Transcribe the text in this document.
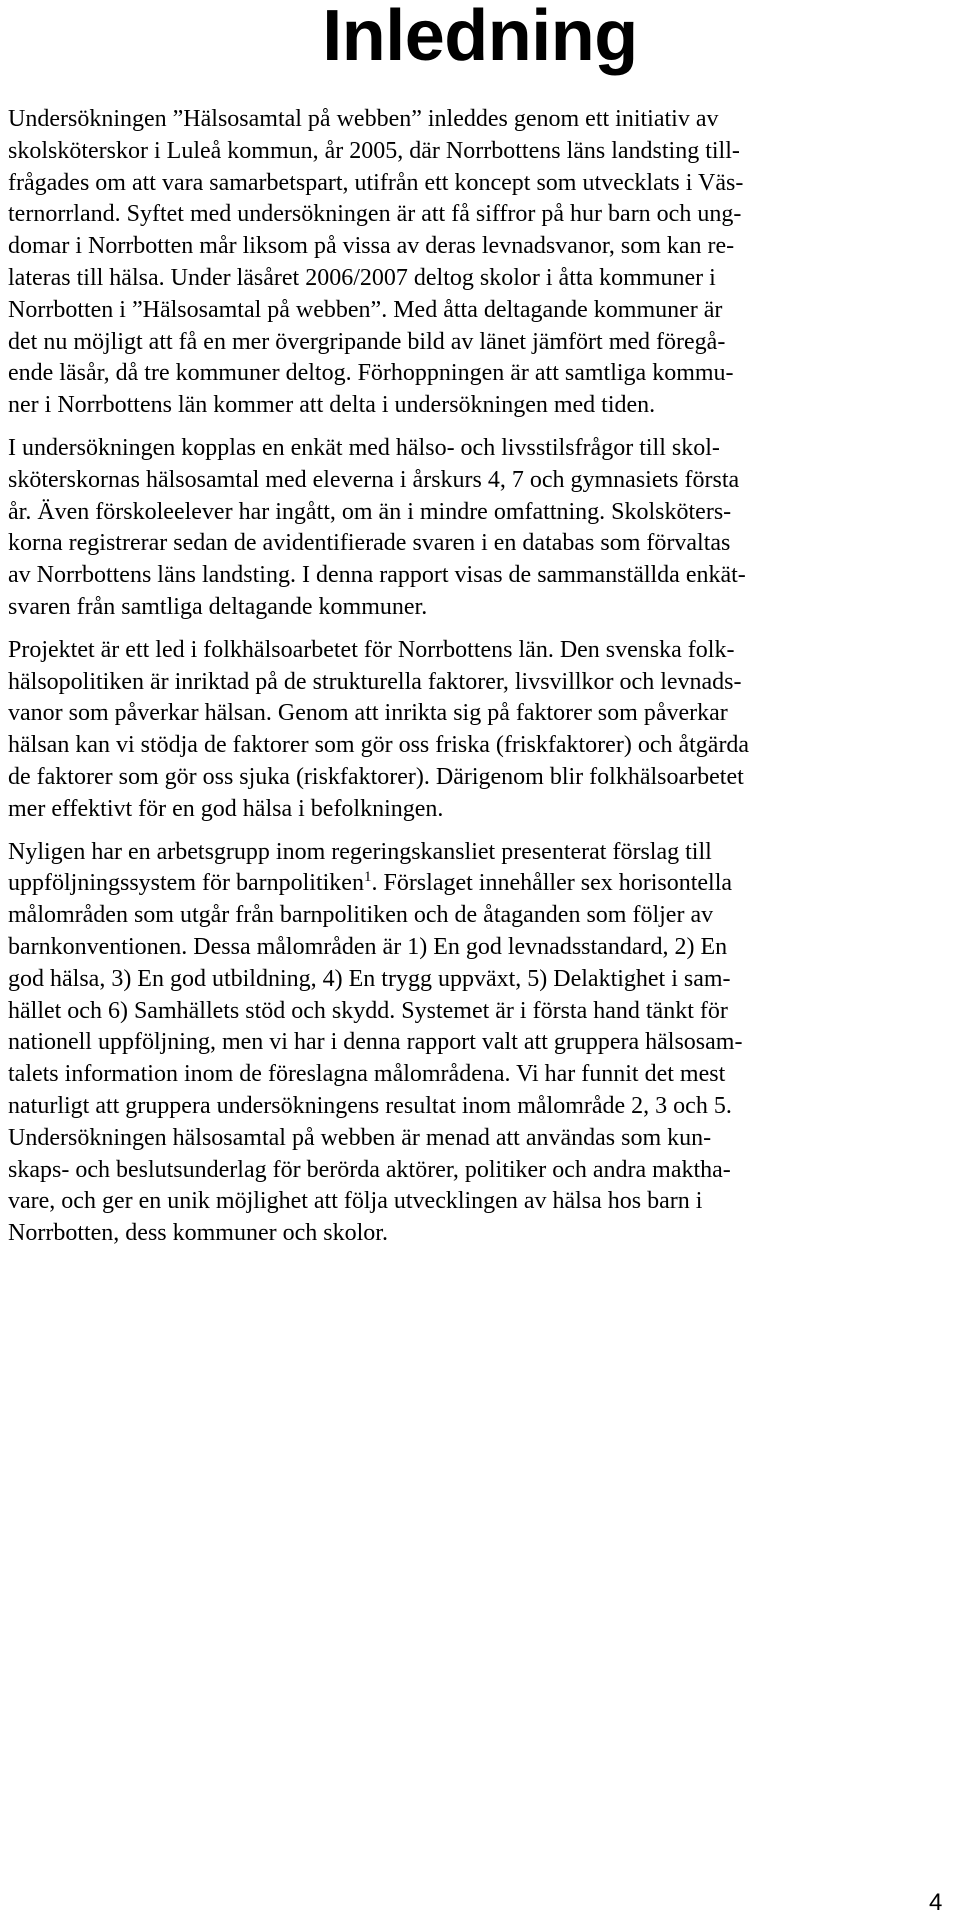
Inledning

Undersökningen ”Hälsosamtal på webben” inleddes genom ett initiativ av
skolsköterskor i Luleå kommun, år 2005, där Norrbottens läns landsting till-
frågades om att vara samarbetspart, utifrån ett koncept som utvecklats i Väs-
ternorrland. Syftet med undersökningen är att få siffror på hur barn och ung-
domar i Norrbotten mår liksom på vissa av deras levnadsvanor, som kan re-
lateras till hälsa. Under läsåret 2006/2007 deltog skolor i åtta kommuner i
Norrbotten i ”Hälsosamtal på webben”. Med åtta deltagande kommuner är
det nu möjligt att få en mer övergripande bild av länet jämfört med föregå-
ende läsår, då tre kommuner deltog. Förhoppningen är att samtliga kommu-
ner i Norrbottens län kommer att delta i undersökningen med tiden.

I undersökningen kopplas en enkät med hälso- och livsstilsfrågor till skol-
sköterskornas hälsosamtal med eleverna i årskurs 4, 7 och gymnasiets första
år. Även förskoleelever har ingått, om än i mindre omfattning. Skolsköters-
korna registrerar sedan de avidentifierade svaren i en databas som förvaltas
av Norrbottens läns landsting. I denna rapport visas de sammanställda enkät-
svaren från samtliga deltagande kommuner.

Projektet är ett led i folkhälsoarbetet för Norrbottens län. Den svenska folk-
hälsopolitiken är inriktad på de strukturella faktorer, livsvillkor och levnads-
vanor som påverkar hälsan. Genom att inrikta sig på faktorer som påverkar
hälsan kan vi stödja de faktorer som gör oss friska (friskfaktorer) och åtgärda
de faktorer som gör oss sjuka (riskfaktorer). Därigenom blir folkhälsoarbetet
mer effektivt för en god hälsa i befolkningen.

Nyligen har en arbetsgrupp inom regeringskansliet presenterat förslag till
uppföljningssystem för barnpolitiken$^1$. Förslaget innehåller sex horisontella
målområden som utgår från barnpolitiken och de åtaganden som följer av
barnkonventionen. Dessa målområden är 1) En god levnadsstandard, 2) En
god hälsa, 3) En god utbildning, 4) En trygg uppväxt, 5) Delaktighet i sam-
hället och 6) Samhällets stöd och skydd. Systemet är i första hand tänkt för
nationell uppföljning, men vi har i denna rapport valt att gruppera hälsosam-
talets information inom de föreslagna målområdena. Vi har funnit det mest
naturligt att gruppera undersökningens resultat inom målområde 2, 3 och 5.
Undersökningen hälsosamtal på webben är menad att användas som kun-
skaps- och beslutsunderlag för berörda aktörer, politiker och andra maktha-
vare, och ger en unik möjlighet att följa utvecklingen av hälsa hos barn i
Norrbotten, dess kommuner och skolor.

4
